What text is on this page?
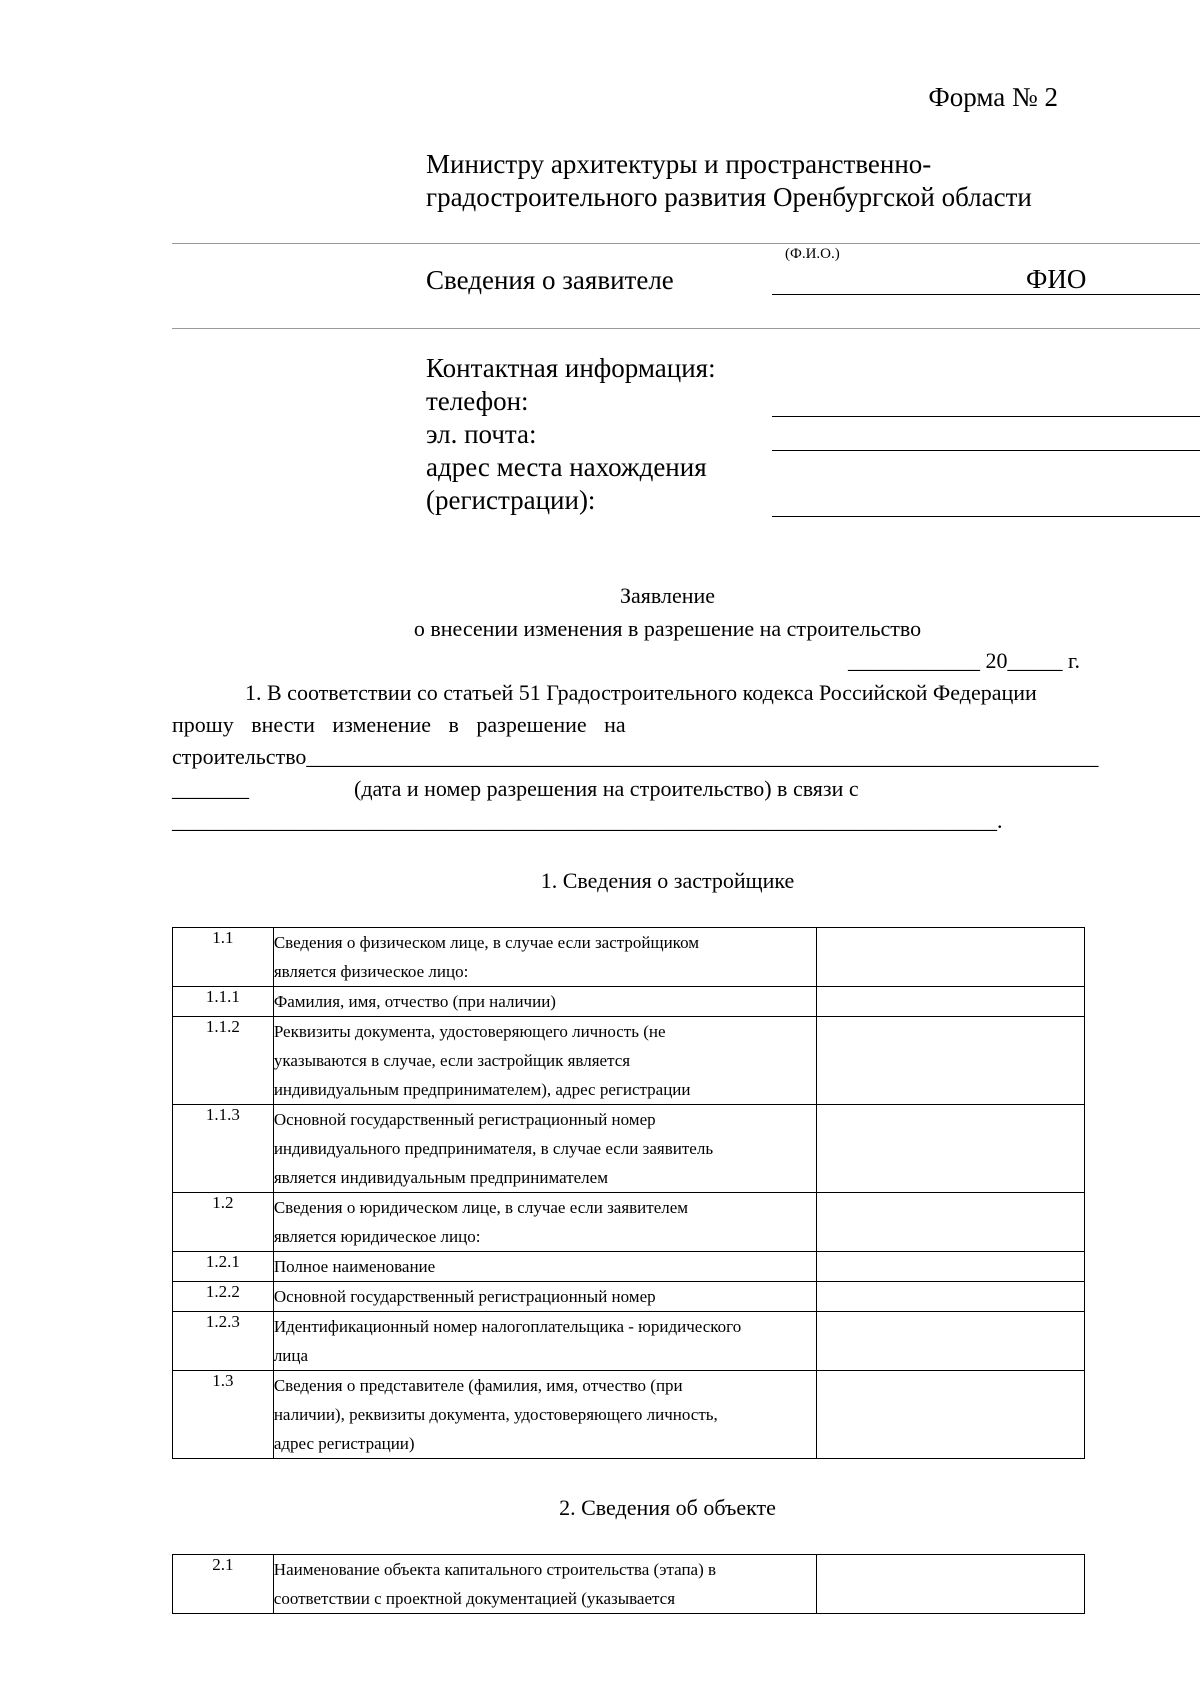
Форма № 2
Министру архитектуры и пространственно-
градостроительного развития Оренбургской области
Сведения о заявителе
(Ф.И.О.)
ФИО
Контактная информация:
телефон:
эл. почта:
адрес места нахождения
(регистрации):
Заявление
о внесении изменения в разрешение на строительство
____________ 20_____ г.
1. В соответствии со статьей 51 Градостроительного кодекса Российской Федерации
прошу внести изменение в разрешение на
строительство________________________________________________________________________
_______	(дата и номер разрешения на строительство) в связи с
___________________________________________________________________________.
1. Сведения о застройщике
1.1	Сведения о физическом лице, в случае если застройщиком
является физическое лицо:	

1.1.1	Фамилия, имя, отчество (при наличии)	

1.1.2	Реквизиты документа, удостоверяющего личность (не
указываются в случае, если застройщик является
индивидуальным предпринимателем), адрес регистрации	

1.1.3	Основной государственный регистрационный номер
индивидуального предпринимателя, в случае если заявитель
является индивидуальным предпринимателем	

1.2	Сведения о юридическом лице, в случае если заявителем
является юридическое лицо:	

1.2.1	Полное наименование	

1.2.2	Основной государственный регистрационный номер	

1.2.3	Идентификационный номер налогоплательщика - юридического
лица	

1.3	Сведения о представителе (фамилия, имя, отчество (при
наличии), реквизиты документа, удостоверяющего личность,
адрес регистрации)	

2. Сведения об объекте
2.1	Наименование объекта капитального строительства (этапа) в
соответствии с проектной документацией (указывается
